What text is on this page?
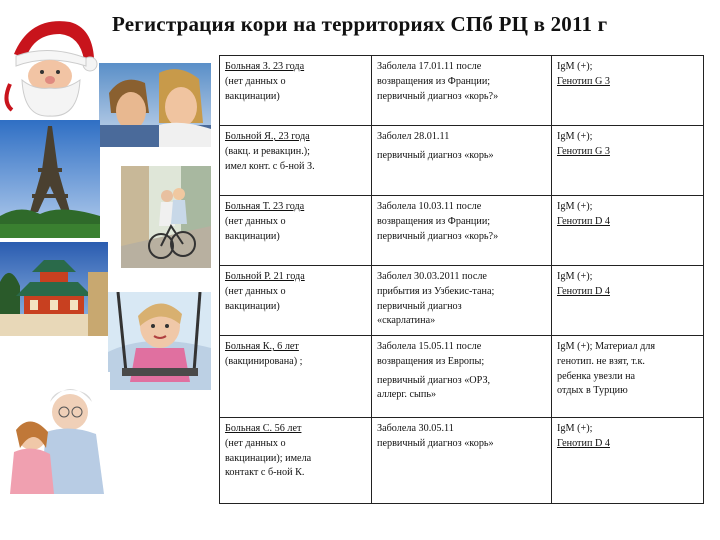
Регистрация кори на территориях СПб РЦ в 2011 г
Больная З. 23 года
(нет данных о
вакцинации)	Заболела 17.01.11 после
возвращения из Франции;
первичный диагноз «корь?»	IgM (+);
Генотип G 3

Больной Я., 23 года
(вакц. и ревакцин.);
имел конт. с б-ной З.	Заболел 28.01.11
первичный диагноз «корь»	IgM (+);
Генотип G 3

Больная Т. 23 года
(нет данных о
вакцинации)	Заболела 10.03.11 после
возвращения из Франции;
первичный диагноз «корь?»	IgM (+);
Генотип D 4

Больной Р. 21 года
(нет данных о
вакцинации)	Заболел 30.03.2011 после
прибытия из Узбекис-тана;
первичный диагноз
«скарлатина»	IgM (+);
Генотип D 4

Больная К., 6 лет
(вакцинирована) ;	Заболела 15.05.11 после
возвращения из Европы;
первичный диагноз «ОРЗ,
аллерг. сыпь»	IgM (+); Материал для
генотип. не взят, т.к.
ребенка увезли на
отдых в Турцию

Больная С. 56 лет
(нет данных о
вакцинации); имела
контакт с б-ной К.	Заболела 30.05.11
первичный диагноз «корь»	IgM (+);
Генотип D 4
